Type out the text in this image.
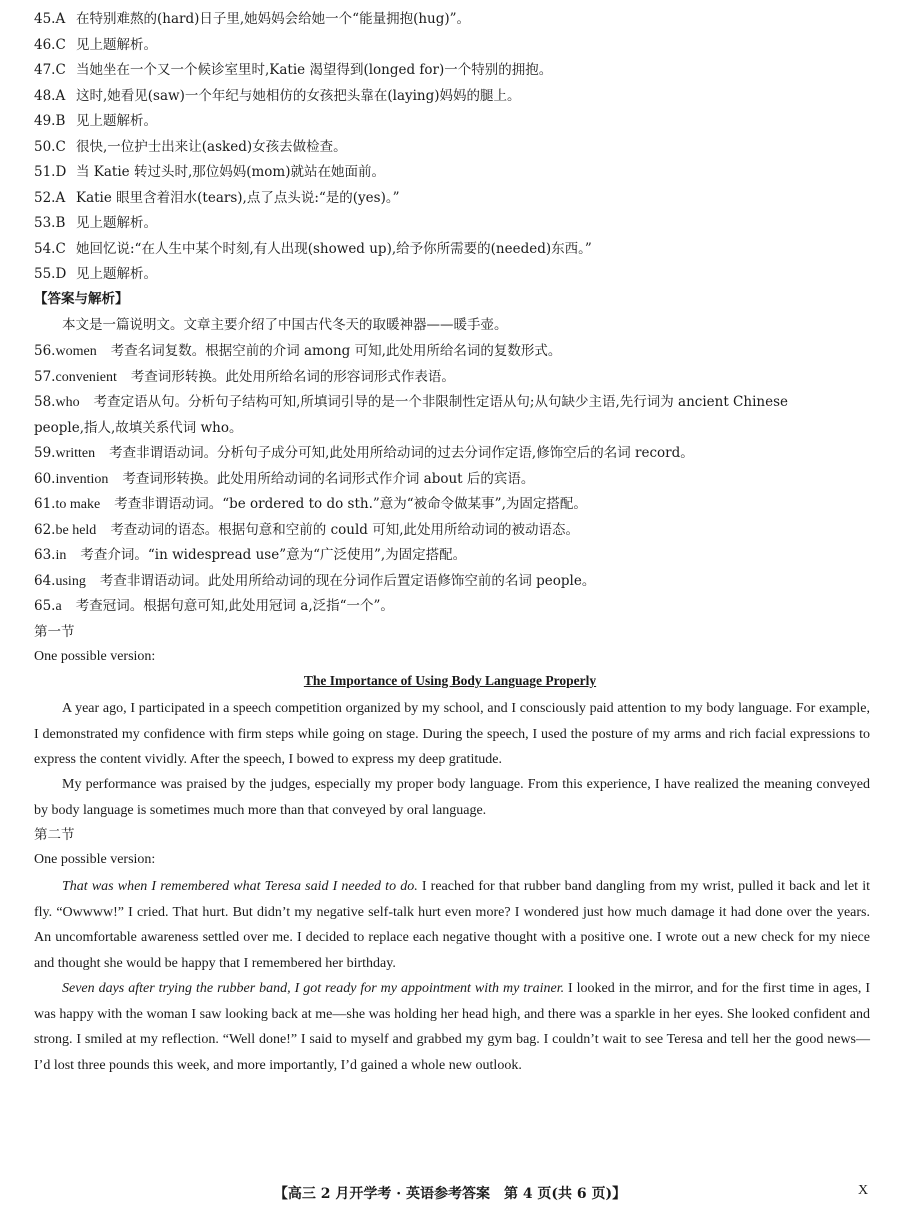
45.A 在特别难熬的(hard)日子里,她妈妈会给她一个“能量拥抱(hug)”。
46.C 见上题解析。
47.C 当她坐在一个又一个候诊室里时,Katie 渴望得到(longed for)一个特别的拥抱。
48.A 这时,她看见(saw)一个年纪与她相仿的女孩把头靠在(laying)妈妈的腿上。
49.B 见上题解析。
50.C 很快,一位护士出来让(asked)女孩去做检查。
51.D 当 Katie 转过头时,那位妈妈(mom)就站在她面前。
52.A Katie 眼里含着泪水(tears),点了点头说:“是的(yes)。”
53.B 见上题解析。
54.C 她回忆说:“在人生中某个时刻,有人出现(showed up),给予你所需要的(needed)东西。”
55.D 见上题解析。
【答案与解析】
本文是一篇说明文。文章主要介绍了中国古代冬天的取暖神器——暖手壶。
56.women 考查名词复数。根据空前的介词 among 可知,此处用所给名词的复数形式。
57.convenient 考查词形转换。此处用所给名词的形容词形式作表语。
58.who 考查定语从句。分析句子结构可知,所填词引导的是一个非限制性定语从句;从句缺少主语,先行词为 ancient Chinese
people,指人,故填关系代词 who。
59.written 考查非谓语动词。分析句子成分可知,此处用所给动词的过去分词作定语,修饰空后的名词 record。
60.invention 考查词形转换。此处用所给动词的名词形式作介词 about 后的宾语。
61.to make 考查非谓语动词。“be ordered to do sth.”意为“被命令做某事”,为固定搭配。
62.be held 考查动词的语态。根据句意和空前的 could 可知,此处用所给动词的被动语态。
63.in 考查介词。“in widespread use”意为“广泛使用”,为固定搭配。
64.using 考查非谓语动词。此处用所给动词的现在分词作后置定语修饰空前的名词 people。
65.a 考查冠词。根据句意可知,此处用冠词 a,泛指“一个”。
第一节
One possible version:
The Importance of Using Body Language Properly

A year ago, I participated in a speech competition organized by my school, and I consciously paid attention to my body language. For example, I demonstrated my confidence with firm steps while going on stage. During the speech, I used the posture of my arms and rich facial expressions to express the content vividly. After the speech, I bowed to express my deep gratitude.

My performance was praised by the judges, especially my proper body language. From this experience, I have realized the meaning conveyed by body language is sometimes much more than that conveyed by oral language.

第二节
One possible version:

That was when I remembered what Teresa said I needed to do. I reached for that rubber band dangling from my wrist, pulled it back and let it fly. “Owwww!” I cried. That hurt. But didn’t my negative self-talk hurt even more? I wondered just how much damage it had done over the years. An uncomfortable awareness settled over me. I decided to replace each negative thought with a positive one. I wrote out a new check for my niece and thought she would be happy that I remembered her birthday.

Seven days after trying the rubber band, I got ready for my appointment with my trainer. I looked in the mirror, and for the first time in ages, I was happy with the woman I saw looking back at me—she was holding her head high, and there was a sparkle in her eyes. She looked confident and strong. I smiled at my reflection. “Well done!” I said to myself and grabbed my gym bag. I couldn’t wait to see Teresa and tell her the good news—I’d lost three pounds this week, and more importantly, I’d gained a whole new outlook.

【高三 2 月开学考 · 英语参考答案　第 4 页(共 6 页)】	X
